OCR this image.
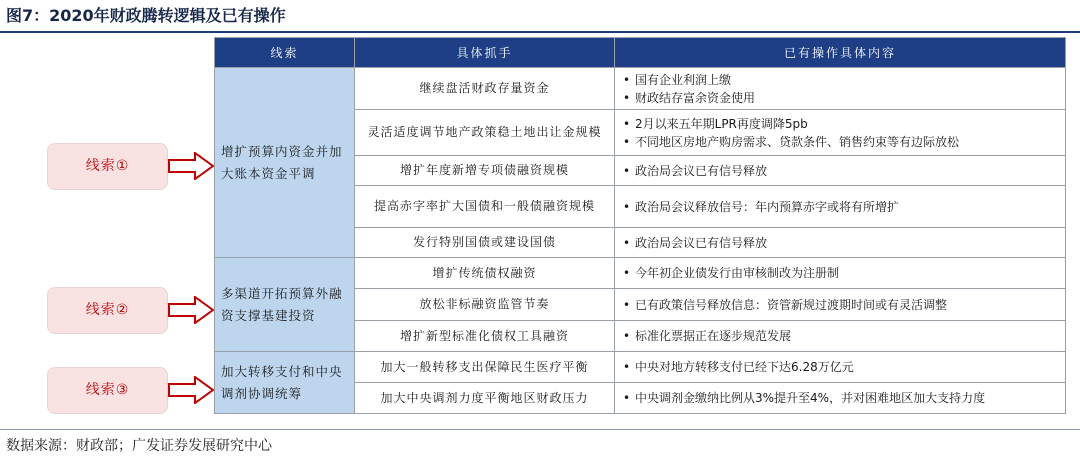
图7：2020年财政腾转逻辑及已有操作
线索	具体抓手	已有操作具体内容
增扩预算内资金并加大账本资金平调	继续盘活财政存量资金	• 国有企业利润上缴
• 财政结存富余资金使用

	灵活适度调节地产政策稳土地出让金规模	• 2月以来五年期LPR再度调降5pb
• 不同地区房地产购房需求、贷款条件、销售约束等有边际放松

	增扩年度新增专项债融资规模	• 政治局会议已有信号释放

	提高赤字率扩大国债和一般债融资规模	• 政治局会议释放信号：年内预算赤字或将有所增扩

	发行特别国债或建设国债	• 政治局会议已有信号释放

多渠道开拓预算外融资支撑基建投资	增扩传统债权融资	• 今年初企业债发行由审核制改为注册制

	放松非标融资监管节奏	• 已有政策信号释放信息：资管新规过渡期时间或有灵活调整

	增扩新型标准化债权工具融资	• 标准化票据正在逐步规范发展

加大转移支付和中央调剂协调统筹	加大一般转移支出保障民生医疗平衡	• 中央对地方转移支付已经下达6.28万亿元

	加大中央调剂力度平衡地区财政压力	• 中央调剂金缴纳比例从3%提升至4%，并对困难地区加大支持力度
线索①
线索②
线索③
数据来源：财政部；广发证券发展研究中心
